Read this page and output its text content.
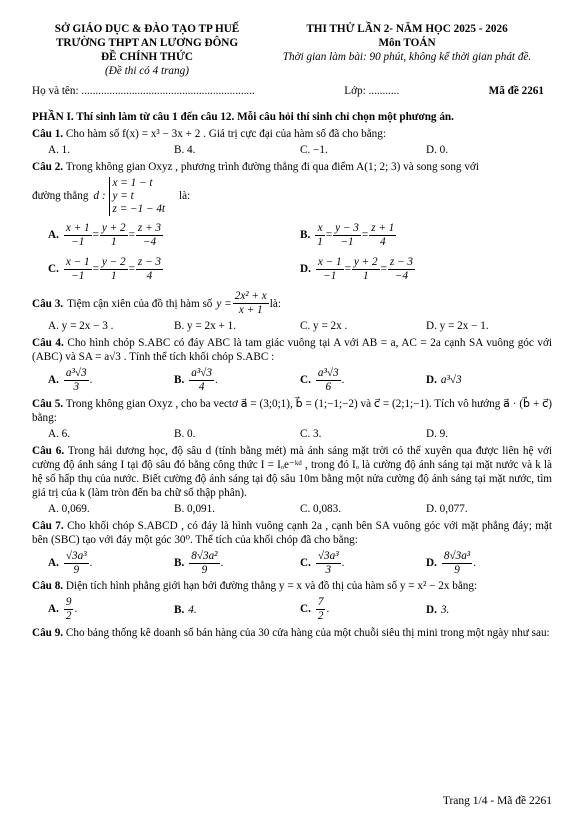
SỞ GIÁO DỤC & ĐÀO TẠO TP HUẾ
TRƯỜNG THPT AN LƯƠNG ĐÔNG
ĐỀ CHÍNH THỨC
(Đề thi có 4 trang)
THI THỬ LẦN 2- NĂM HỌC 2025 - 2026
Môn TOÁN
Thời gian làm bài: 90 phút, không kể thời gian phát đề.
Họ và tên: ..............................................................	Lớp: ...........	Mã đề 2261
PHẦN I. Thí sinh làm từ câu 1 đến câu 12. Mỗi câu hỏi thí sinh chỉ chọn một phương án.
Câu 1. Cho hàm số f(x) = x³ − 3x + 2 . Giá trị cực đại của hàm số đã cho bằng:
A. 1.	B. 4.	C. −1.	D. 0.
Câu 2. Trong không gian Oxyz , phương trình đường thẳng đi qua điểm A(1; 2; 3) và song song với
đường thẳng d :
x = 1 − t
y = t
z = −1 − 4t
là:
A. $\frac{x + 1}{-1} = \frac{y + 2}{1} = \frac{z + 3}{-4}$	B. $\frac{x}{1} = \frac{y - 3}{-1} = \frac{z + 1}{4}$
C. $\frac{x - 1}{-1} = \frac{y - 2}{1} = \frac{z - 3}{4}$	D. $\frac{x - 1}{-1} = \frac{y + 2}{1} = \frac{z - 3}{-4}$
Câu 3. Tiệm cận xiên của đồ thị hàm số $y = \frac{\text{2x² + x}}{x + 1}$ là:
A. y = 2x − 3 .	B. y = 2x + 1.	C. y = 2x .	D. y = 2x − 1.
Câu 4. Cho hình chóp S.ABC có đáy ABC là tam giác vuông tại A với AB = a, AC = 2a cạnh SA vuông góc với (ABC) và SA = a√3 . Tính thể tích khối chóp S.ABC :
A. $\frac{\text{a³√3}}{3}$ .	B. $\frac{\text{a³√3}}{4}$ .	C. $\frac{\text{a³√3}}{6}$ .	D. a³√3
Câu 5. Trong không gian Oxyz , cho ba vectơ a⃗ = (3;0;1), b⃗ = (1;−1;−2) và c⃗ = (2;1;−1). Tích vô hướng a⃗ · (b⃗ + c⃗) bằng:
A. 6.	B. 0.	C. 3.	D. 9.
Câu 6. Trong hải dương học, độ sâu d (tính bằng mét) mà ánh sáng mặt trời có thể xuyên qua được liên hệ với cường độ ánh sáng I tại độ sâu đó bằng công thức I = Iₒe⁻ᵏᵈ , trong đó Iₒ là cường độ ánh sáng tại mặt nước và k là hệ số hấp thụ của nước. Biết cường độ ánh sáng tại độ sâu 10m bằng một nửa cường độ ánh sáng tại mặt nước, tìm giá trị của k (làm tròn đến ba chữ số thập phân).
A. 0,069.	B. 0,091.	C. 0,083.	D. 0,077.
Câu 7. Cho khối chóp S.ABCD , có đáy là hình vuông cạnh 2a , cạnh bên SA vuông góc với mặt phẳng đáy; mặt bên (SBC) tạo với đáy một góc 30⁰. Thể tích của khối chóp đã cho bằng:
A. $\frac{\text{√3a³}}{9}$ .	B. $\frac{\text{8√3a²}}{9}$ .	C. $\frac{\text{√3a³}}{3}$ .	D. $\frac{\text{8√3a³}}{9}$ .
Câu 8. Diện tích hình phẳng giới hạn bởi đường thẳng y = x và đồ thị của hàm số y = x² − 2x bằng:
A. $\frac{9}{2}$ .	B. 4.	C. $\frac{7}{2}$ .	D. 3.
Câu 9. Cho bảng thống kê doanh số bán hàng của 30 cửa hàng của một chuỗi siêu thị mini trong một ngày như sau:
Trang 1/4 - Mã đề 2261
